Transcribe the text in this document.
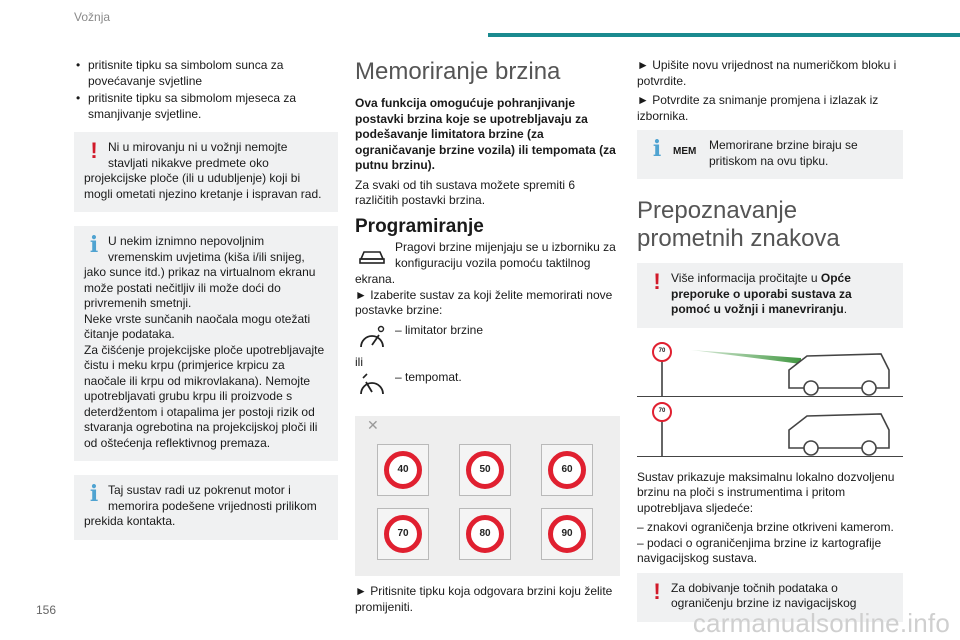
Vožnja
• pritisnite tipku sa simbolom sunca za povećavanje svjetline
• pritisnite tipku sa sibmolom mjeseca za smanjivanje svjetline.
! Ni u mirovanju ni u vožnji nemojte stavljati nikakve predmete oko

projekcijske ploče (ili u udubljenje) koji bi mogli ometati njezino kretanje i ispravan rad.

i U nekim iznimno nepovoljnim vremenskim uvjetima (kiša i/ili snijeg,

jako sunce itd.) prikaz na virtualnom ekranu može postati nečitljiv ili može doći do privremenih smetnji.

Neke vrste sunčanih naočala mogu otežati čitanje podataka.

Za čišćenje projekcijske ploče upotrebljavajte čistu i meku krpu (primjerice krpicu za naočale ili krpu od mikrovlakana). Nemojte upotrebljavati grubu krpu ili proizvode s deterdžentom i otapalima jer postoji rizik od stvaranja ogrebotina na projekcijskoj ploči ili od oštećenja reflektivnog premaza.

i Taj sustav radi uz pokrenut motor i memorira podešene vrijednosti prilikom

prekida kontakta.

Memoriranje brzina

Ova funkcija omogućuje pohranjivanje postavki brzina koje se upotrebljavaju za podešavanje limitatora brzine (za ograničavanje brzine vozila) ili tempomata (za putnu brzinu).

Za svaki od tih sustava možete spremiti 6 različitih postavki brzina.

Programiranje

Pragovi brzine mijenjaju se u izborniku za konfiguraciju vozila pomoću taktilnog

ekrana.

► Izaberite sustav za koji želite memorirati nove postavke brzine:

– limitator brzine

ili

– tempomat.

✕
40	50	60
70	80	90

► Pritisnite tipku koja odgovara brzini koju želite promijeniti.

► Upišite novu vrijednost na numeričkom bloku i potvrdite.

► Potvrdite za snimanje promjena i izlazak iz izbornika.

i	MEM	Memorirane brzine biraju se pritiskom na ovu tipku.

Prepoznavanje prometnih znakova
! Više informacija pročitajte u Opće preporuke o uporabi sustava za pomoć u vožnji i manevriranju.

70
70

Sustav prikazuje maksimalnu lokalno dozvoljenu brzinu na ploči s instrumentima i pritom upotrebljava sljedeće:

– znakovi ograničenja brzine otkriveni kamerom.

– podaci o ograničenjima brzine iz kartografije navigacijskog sustava.

! Za dobivanje točnih podataka o ograničenju brzine iz navigacijskog

156	carmanualsonline.info
